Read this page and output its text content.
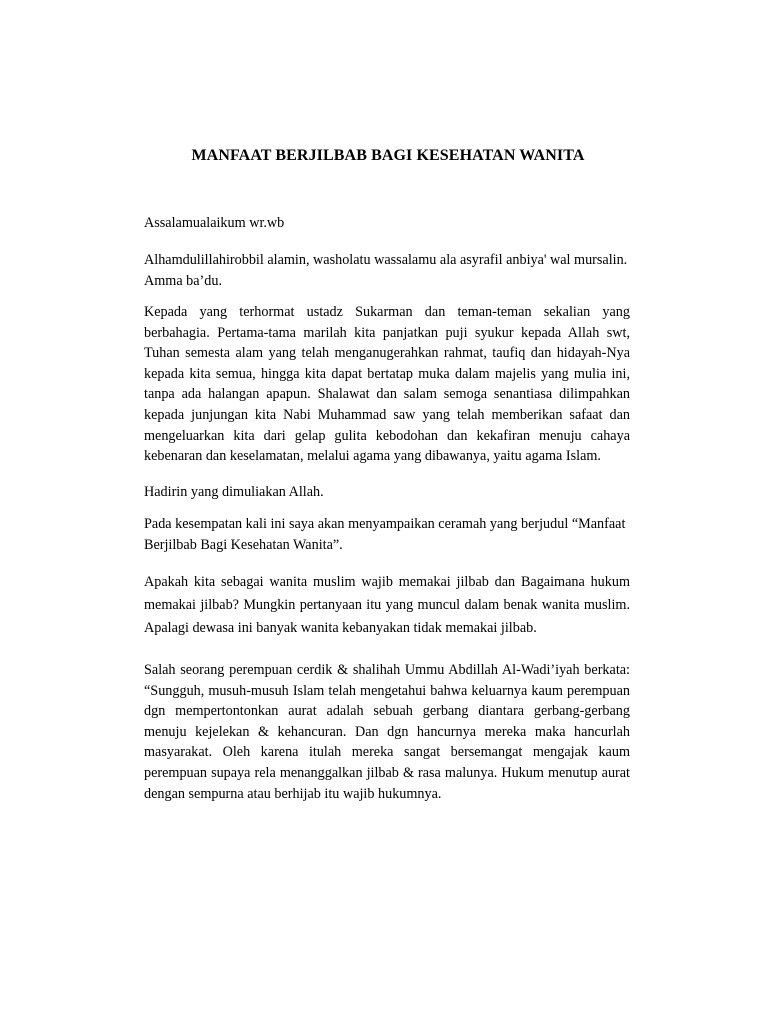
MANFAAT BERJILBAB BAGI KESEHATAN WANITA

Assalamualaikum wr.wb

Alhamdulillahirobbil alamin, washolatu wassalamu ala asyrafil anbiya' wal mursalin. Amma ba’du.

Kepada yang terhormat ustadz Sukarman dan teman-teman sekalian yang berbahagia. Pertama-tama marilah kita panjatkan puji syukur kepada Allah swt, Tuhan semesta alam yang telah menganugerahkan rahmat, taufiq dan hidayah-Nya kepada kita semua, hingga kita dapat bertatap muka dalam majelis yang mulia ini, tanpa ada halangan apapun. Shalawat dan salam semoga senantiasa dilimpahkan kepada junjungan kita Nabi Muhammad saw yang telah memberikan safaat dan mengeluarkan kita dari gelap gulita kebodohan dan kekafiran menuju cahaya kebenaran dan keselamatan, melalui agama yang dibawanya, yaitu agama Islam.

Hadirin yang dimuliakan Allah.

Pada kesempatan kali ini saya akan menyampaikan ceramah yang berjudul “Manfaat Berjilbab Bagi Kesehatan Wanita”.

Apakah kita sebagai wanita muslim wajib memakai jilbab dan Bagaimana hukum memakai jilbab? Mungkin pertanyaan itu yang muncul dalam benak wanita muslim. Apalagi dewasa ini banyak wanita kebanyakan tidak memakai jilbab.

Salah seorang perempuan cerdik & shalihah Ummu Abdillah Al-Wadi’iyah berkata: “Sungguh, musuh-musuh Islam telah mengetahui bahwa keluarnya kaum perempuan dgn mempertontonkan aurat adalah sebuah gerbang diantara gerbang-gerbang menuju kejelekan & kehancuran. Dan dgn hancurnya mereka maka hancurlah masyarakat. Oleh karena itulah mereka sangat bersemangat mengajak kaum perempuan supaya rela menanggalkan jilbab & rasa malunya. Hukum menutup aurat dengan sempurna atau berhijab itu wajib hukumnya.
